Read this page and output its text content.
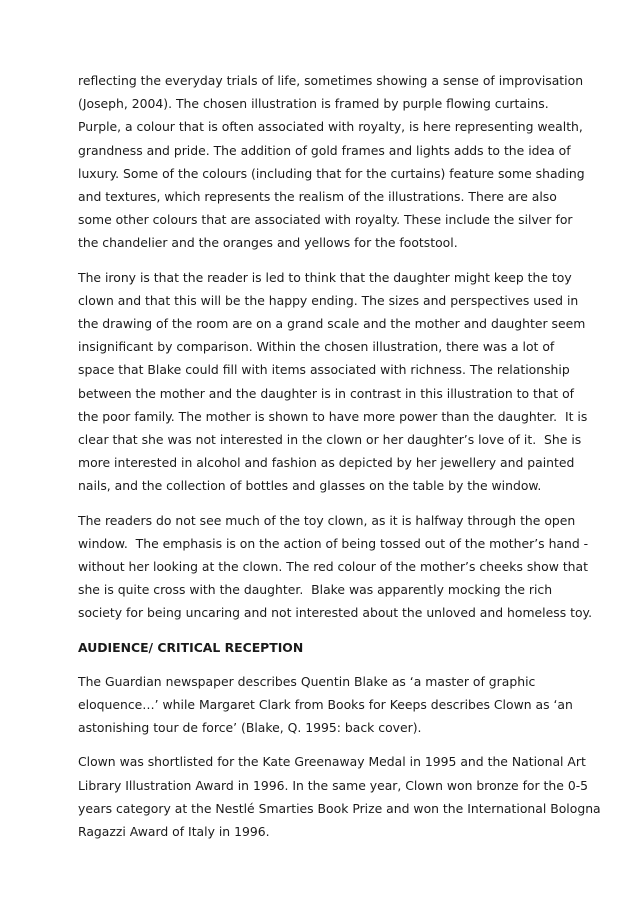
reflecting the everyday trials of life, sometimes showing a sense of improvisation
(Joseph, 2004). The chosen illustration is framed by purple flowing curtains.
Purple, a colour that is often associated with royalty, is here representing wealth,
grandness and pride. The addition of gold frames and lights adds to the idea of
luxury. Some of the colours (including that for the curtains) feature some shading
and textures, which represents the realism of the illustrations. There are also
some other colours that are associated with royalty. These include the silver for
the chandelier and the oranges and yellows for the footstool.
The irony is that the reader is led to think that the daughter might keep the toy
clown and that this will be the happy ending. The sizes and perspectives used in
the drawing of the room are on a grand scale and the mother and daughter seem
insignificant by comparison. Within the chosen illustration, there was a lot of
space that Blake could fill with items associated with richness. The relationship
between the mother and the daughter is in contrast in this illustration to that of
the poor family. The mother is shown to have more power than the daughter.  It is
clear that she was not interested in the clown or her daughter’s love of it.  She is
more interested in alcohol and fashion as depicted by her jewellery and painted
nails, and the collection of bottles and glasses on the table by the window.
The readers do not see much of the toy clown, as it is halfway through the open
window.  The emphasis is on the action of being tossed out of the mother’s hand -
without her looking at the clown. The red colour of the mother’s cheeks show that
she is quite cross with the daughter.  Blake was apparently mocking the rich
society for being uncaring and not interested about the unloved and homeless toy.
AUDIENCE/ CRITICAL RECEPTION
The Guardian newspaper describes Quentin Blake as ‘a master of graphic
eloquence…’ while Margaret Clark from Books for Keeps describes Clown as ‘an
astonishing tour de force’ (Blake, Q. 1995: back cover).
Clown was shortlisted for the Kate Greenaway Medal in 1995 and the National Art
Library Illustration Award in 1996. In the same year, Clown won bronze for the 0-5
years category at the Nestlé Smarties Book Prize and won the International Bologna
Ragazzi Award of Italy in 1996.
